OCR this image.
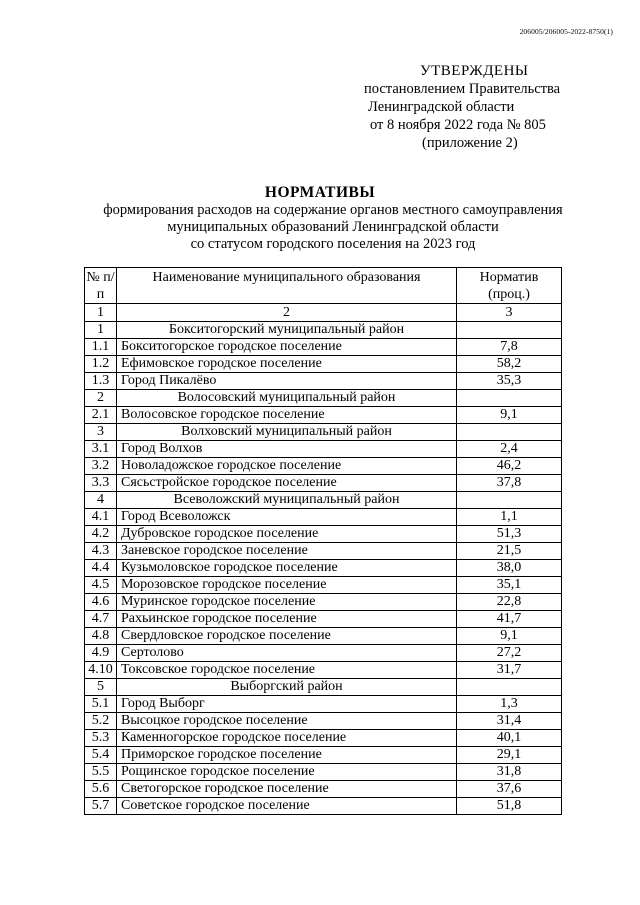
206005/206005-2022-8750(1)
УТВЕРЖДЕНЫ
постановлением Правительства
Ленинградской области
от 8 ноября 2022 года № 805
(приложение 2)
НОРМАТИВЫ
формирования расходов на содержание органов местного самоуправления
муниципальных образований Ленинградской области
со статусом городского поселения на 2023 год
№ п/п	Наименование муниципального образования	Норматив (проц.)
1	2	3
1	Бокситогорский муниципальный район	
1.1	Бокситогорское городское поселение	7,8
1.2	Ефимовское городское поселение	58,2
1.3	Город Пикалёво	35,3
2	Волосовский муниципальный район	
2.1	Волосовское городское поселение	9,1
3	Волховский муниципальный район	
3.1	Город Волхов	2,4
3.2	Новоладожское городское поселение	46,2
3.3	Сясьстройское городское поселение	37,8
4	Всеволожский муниципальный район	
4.1	Город Всеволожск	1,1
4.2	Дубровское городское поселение	51,3
4.3	Заневское городское поселение	21,5
4.4	Кузьмоловское городское поселение	38,0
4.5	Морозовское городское поселение	35,1
4.6	Муринское городское поселение	22,8
4.7	Рахьинское городское поселение	41,7
4.8	Свердловское городское поселение	9,1
4.9	Сертолово	27,2
4.10	Токсовское городское поселение	31,7
5	Выборгский район	
5.1	Город Выборг	1,3
5.2	Высоцкое городское поселение	31,4
5.3	Каменногорское городское поселение	40,1
5.4	Приморское городское поселение	29,1
5.5	Рощинское городское поселение	31,8
5.6	Светогорское городское поселение	37,6
5.7	Советское городское поселение	51,8
